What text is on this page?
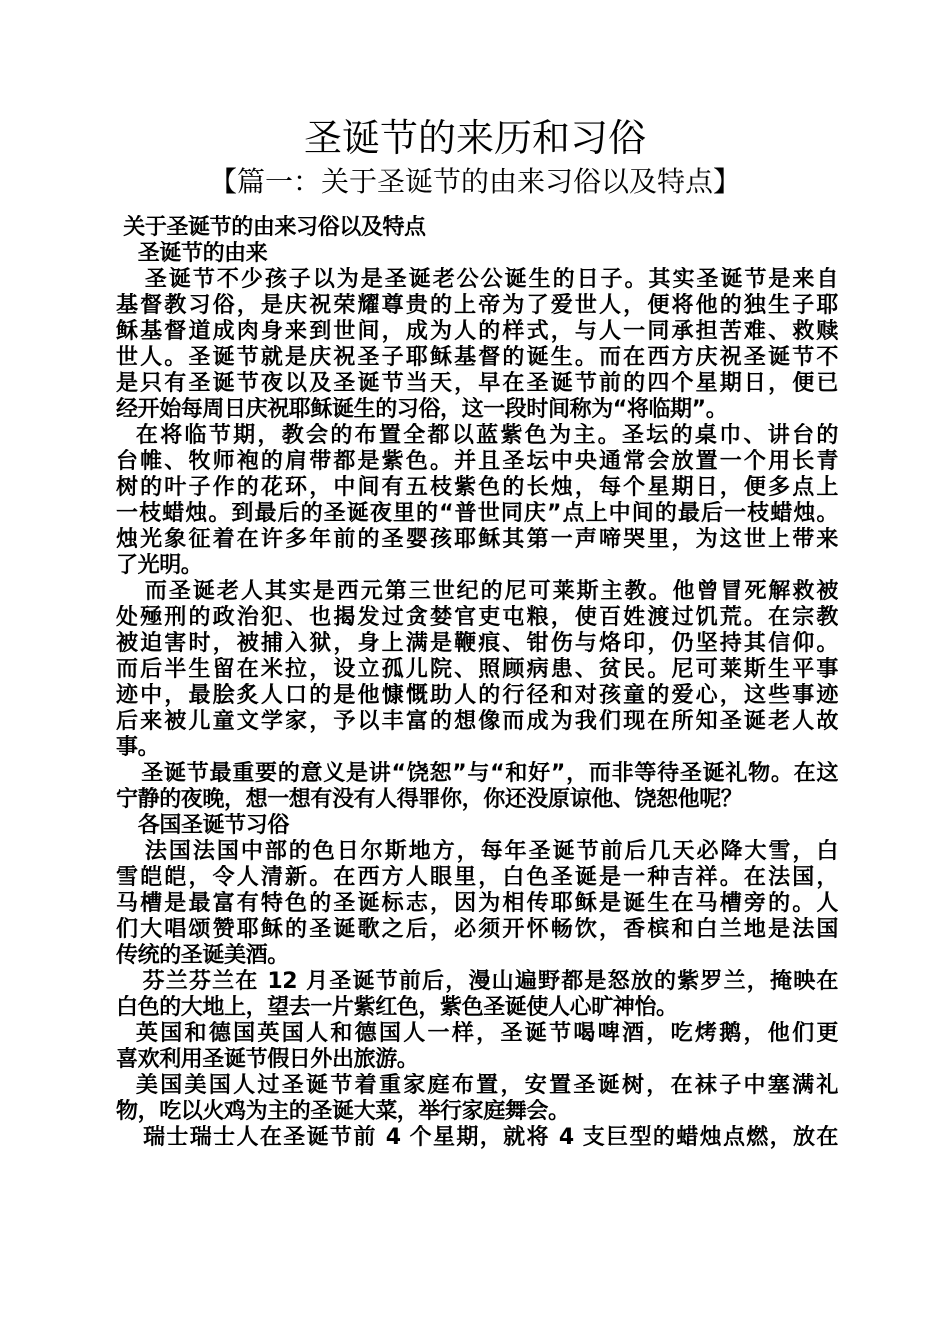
圣诞节的来历和习俗
【篇一：关于圣诞节的由来习俗以及特点】
关于圣诞节的由来习俗以及特点
圣诞节的由来
圣诞节不少孩子以为是圣诞老公公诞生的日子。其实圣诞节是来自
基督教习俗，是庆祝荣耀尊贵的上帝为了爱世人，便将他的独生子耶
稣基督道成肉身来到世间，成为人的样式，与人一同承担苦难、救赎
世人。圣诞节就是庆祝圣子耶稣基督的诞生。而在西方庆祝圣诞节不
是只有圣诞节夜以及圣诞节当天，早在圣诞节前的四个星期日，便已
经开始每周日庆祝耶稣诞生的习俗，这一段时间称为“将临期”。
在将临节期，教会的布置全都以蓝紫色为主。圣坛的桌巾、讲台的
台帷、牧师袍的肩带都是紫色。并且圣坛中央通常会放置一个用长青
树的叶子作的花环，中间有五枝紫色的长烛，每个星期日，便多点上
一枝蜡烛。到最后的圣诞夜里的“普世同庆”点上中间的最后一枝蜡烛。
烛光象征着在许多年前的圣婴孩耶稣其第一声啼哭里，为这世上带来
了光明。
而圣诞老人其实是西元第三世纪的尼可莱斯主教。他曾冒死解救被
处殛刑的政治犯、也揭发过贪婪官吏屯粮，使百姓渡过饥荒。在宗教
被迫害时，被捕入狱，身上满是鞭痕、钳伤与烙印，仍坚持其信仰。
而后半生留在米拉，设立孤儿院、照顾病患、贫民。尼可莱斯生平事
迹中，最脍炙人口的是他慷慨助人的行径和对孩童的爱心，这些事迹
后来被儿童文学家，予以丰富的想像而成为我们现在所知圣诞老人故
事。
圣诞节最重要的意义是讲“饶恕”与“和好”，而非等待圣诞礼物。在这
宁静的夜晚，想一想有没有人得罪你，你还没原谅他、饶恕他呢？
各国圣诞节习俗
法国法国中部的色日尔斯地方，每年圣诞节前后几天必降大雪，白
雪皑皑，令人清新。在西方人眼里，白色圣诞是一种吉祥。在法国，
马槽是最富有特色的圣诞标志，因为相传耶稣是诞生在马槽旁的。人
们大唱颂赞耶稣的圣诞歌之后，必须开怀畅饮，香槟和白兰地是法国
传统的圣诞美酒。
芬兰芬兰在 12 月圣诞节前后，漫山遍野都是怒放的紫罗兰，掩映在
白色的大地上，望去一片紫红色，紫色圣诞使人心旷神怡。
英国和德国英国人和德国人一样，圣诞节喝啤酒，吃烤鹅，他们更
喜欢利用圣诞节假日外出旅游。
美国美国人过圣诞节着重家庭布置，安置圣诞树，在袜子中塞满礼
物，吃以火鸡为主的圣诞大菜，举行家庭舞会。
瑞士瑞士人在圣诞节前 4 个星期，就将 4 支巨型的蜡烛点燃，放在
